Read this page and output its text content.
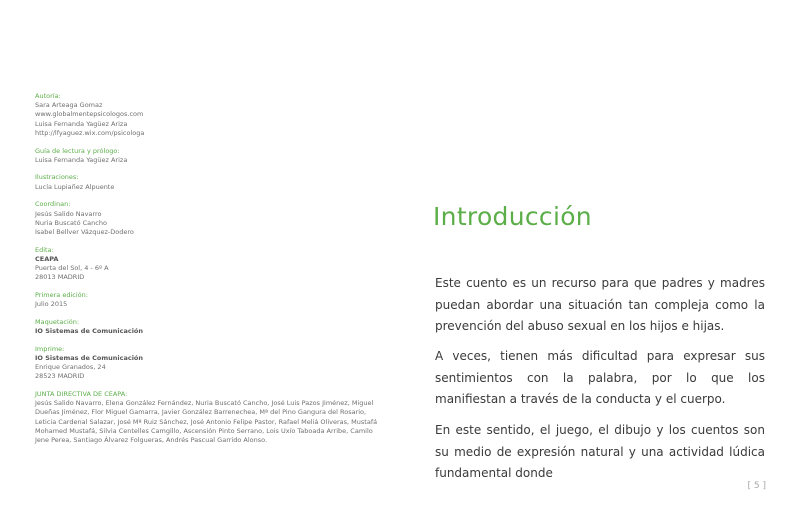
Autoría:
Sara Arteaga Gomaz
www.globalmentepsicologos.com
Luisa Fernanda Yagüez Ariza
http://lfyaguez.wix.com/psicologa
Guía de lectura y prólogo:
Luisa Fernanda Yagüez Ariza
Ilustraciones:
Lucía Lupiañez Alpuente
Coordinan:
Jesús Salido Navarro
Nuria Buscató Cancho
Isabel Bellver Vázquez-Dodero
Edita:
CEAPA
Puerta del Sol, 4 - 6º A
28013 MADRID
Primera edición:
Julio 2015
Maquetación:
IO Sistemas de Comunicación
Imprime:
IO Sistemas de Comunicación
Enrique Granados, 24
28523 MADRID
JUNTA DIRECTIVA DE CEAPA:
Jesús Salido Navarro, Elena González Fernández, Nuria Buscató Cancho, José Luis Pazos Jiménez, Miguel
Dueñas Jiménez, Flor Miguel Gamarra, Javier González Barrenechea, Mª del Pino Gangura del Rosario,
Leticia Cardenal Salazar, José Mª Ruiz Sánchez, José Antonio Felipe Pastor, Rafael Meliá Oliveras, Mustafá
Mohamed Mustafá, Silvia Centelles Camgillo, Ascensión Pinto Serrano, Lois Uxío Taboada Arribe, Camilo
Jene Perea, Santiago Álvarez Folgueras, Andrés Pascual Garrido Alonso.
Introducción

Este cuento es un recurso para que padres y madres puedan abordar una situación tan compleja como la prevención del abuso sexual en los hijos e hijas.

A veces, tienen más dificultad para expresar sus sentimientos con la palabra, por lo que los manifiestan a través de la conducta y el cuerpo.

En este sentido, el juego, el dibujo y los cuentos son su medio de expresión natural y una actividad lúdica fundamental donde

[ 5 ]
